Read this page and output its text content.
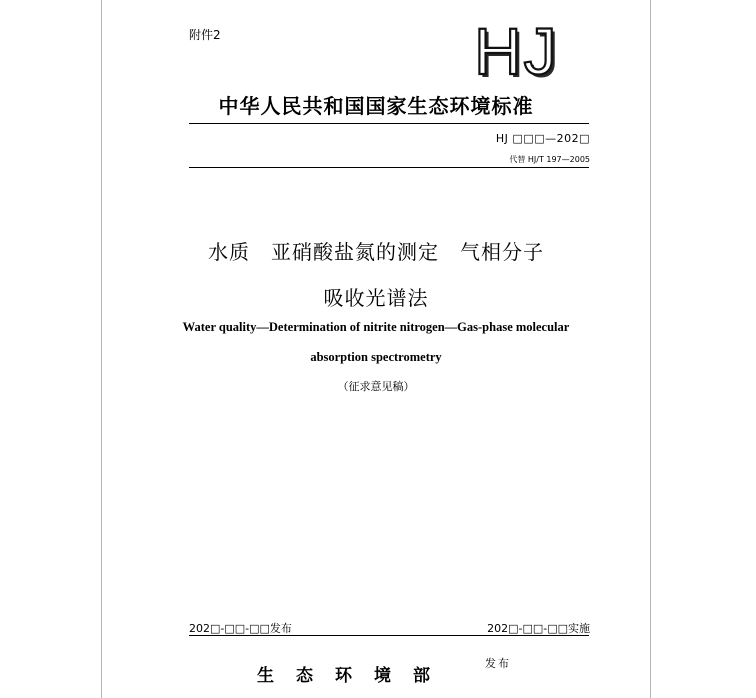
附件2	HJ
中华人民共和国国家生态环境标准
HJ □□□—202□
代替 HJ/T 197—2005
水质　亚硝酸盐氮的测定　气相分子
吸收光谱法
Water quality—Determination of nitrite nitrogen—Gas-phase molecular
absorption spectrometry
（征求意见稿）
202□-□□-□□发布	202□-□□-□□实施
生态环境部
发布
